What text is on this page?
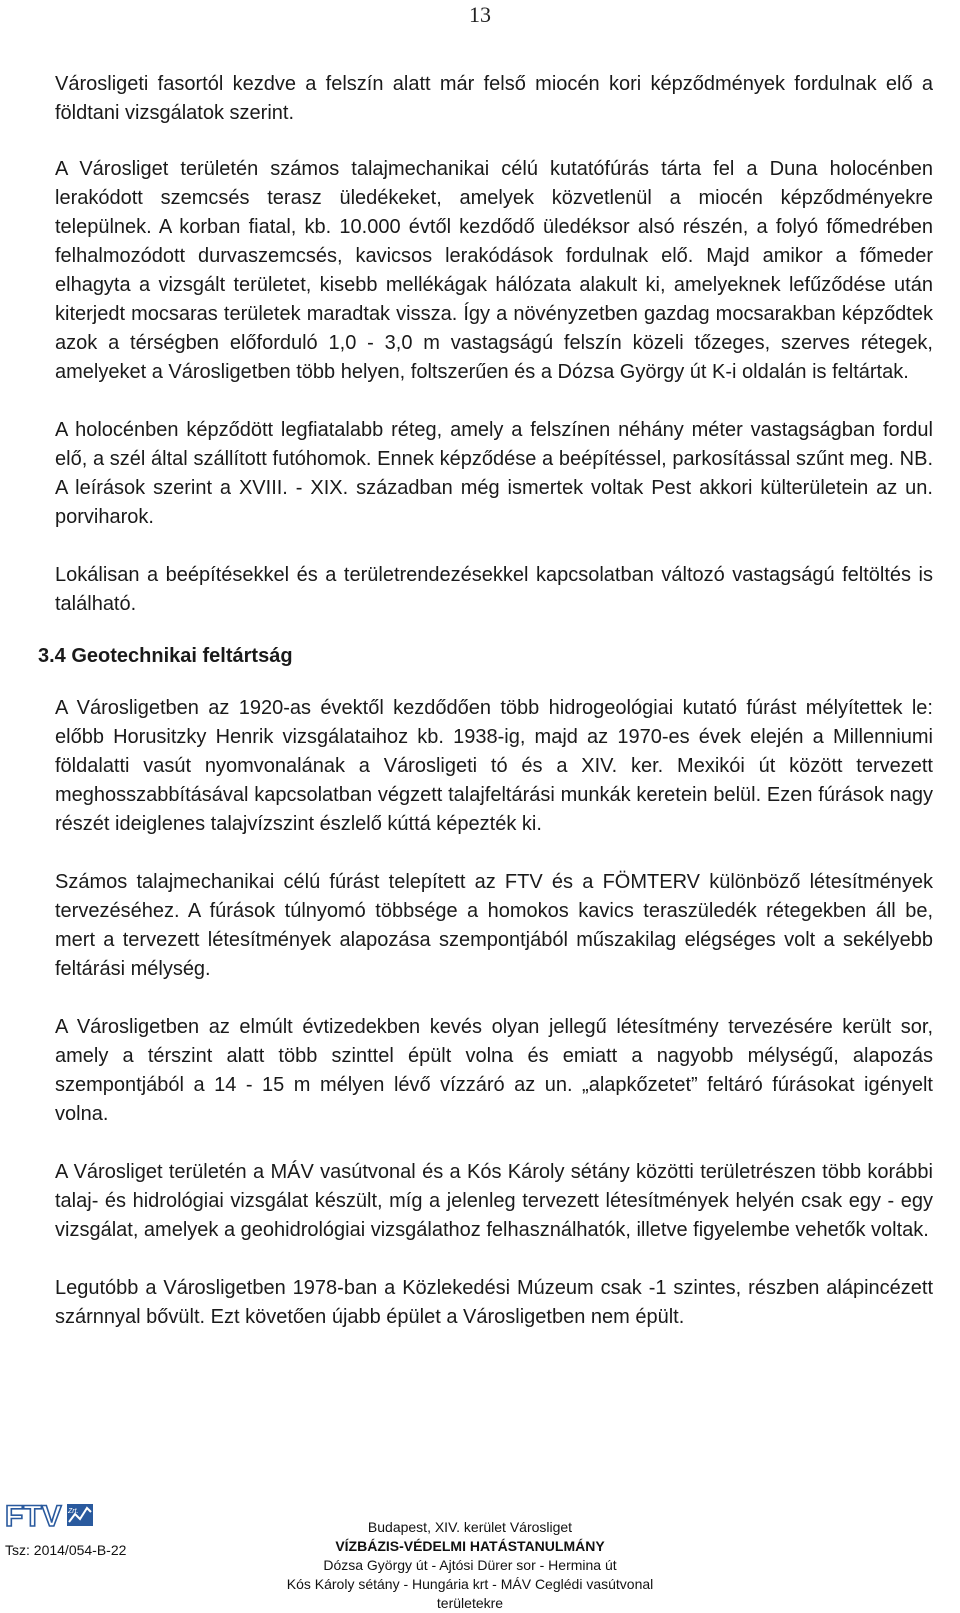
13

Városligeti fasortól kezdve a felszín alatt már felső miocén kori képződmények fordulnak elő a földtani vizsgálatok szerint.

A Városliget területén számos talajmechanikai célú kutatófúrás tárta fel a Duna holocénben lerakódott szemcsés terasz üledékeket, amelyek közvetlenül a miocén képződményekre települnek. A korban fiatal, kb. 10.000 évtől kezdődő üledéksor alsó részén, a folyó főmedrében felhalmozódott durvaszemcsés, kavicsos lerakódások fordulnak elő. Majd amikor a főmeder elhagyta a vizsgált területet, kisebb mellékágak hálózata alakult ki, amelyeknek lefűződése után kiterjedt mocsaras területek maradtak vissza. Így a növényzetben gazdag mocsarakban képződtek azok a térségben előforduló 1,0 - 3,0 m vastagságú felszín közeli tőzeges, szerves rétegek, amelyeket a Városligetben több helyen, foltszerűen és a Dózsa György út K-i oldalán is feltártak.

A holocénben képződött legfiatalabb réteg, amely a felszínen néhány méter vastagságban fordul elő, a szél által szállított futóhomok. Ennek képződése a beépítéssel, parkosítással szűnt meg. NB. A leírások szerint a XVIII. - XIX. században még ismertek voltak Pest akkori külterületein az un. porviharok.

Lokálisan a beépítésekkel és a területrendezésekkel kapcsolatban változó vastagságú feltöltés is található.

3.4 Geotechnikai feltártság

A Városligetben az 1920-as évektől kezdődően több hidrogeológiai kutató fúrást mélyítettek le: előbb Horusitzky Henrik vizsgálataihoz kb. 1938-ig, majd az 1970-es évek elején a Millenniumi földalatti vasút nyomvonalának a Városligeti tó és a XIV. ker. Mexikói út között tervezett meghosszabbításával kapcsolatban végzett talajfeltárási munkák keretein belül. Ezen fúrások nagy részét ideiglenes talajvízszint észlelő kúttá képezték ki.

Számos talajmechanikai célú fúrást telepített az FTV és a FÖMTERV különböző létesítmények tervezéséhez. A fúrások túlnyomó többsége a homokos kavics teraszüledék rétegekben áll be, mert a tervezett létesítmények alapozása szempontjából műszakilag elégséges volt a sekélyebb feltárási mélység.

A Városligetben az elmúlt évtizedekben kevés olyan jellegű létesítmény tervezésére került sor, amely a térszint alatt több szinttel épült volna és emiatt a nagyobb mélységű, alapozás szempontjából a 14 - 15 m mélyen lévő vízzáró az un. „alapkőzetet” feltáró fúrásokat igényelt volna.

A Városliget területén a MÁV vasútvonal és a Kós Károly sétány közötti területrészen több korábbi talaj- és hidrológiai vizsgálat készült, míg a jelenleg tervezett létesítmények helyén csak egy - egy vizsgálat, amelyek a geohidrológiai vizsgálathoz felhasználhatók, illetve figyelembe vehetők voltak.

Legutóbb a Városligetben 1978-ban a Közlekedési Múzeum csak -1 szintes, részben alápincézett szárnnyal bővült. Ezt követően újabb épület a Városligetben nem épült.

FTV Zrt.
Tsz: 2014/054-B-22
Budapest, XIV. kerület Városliget
VÍZBÁZIS-VÉDELMI HATÁSTANULMÁNY
Dózsa György út - Ajtósi Dürer sor - Hermina út
Kós Károly sétány - Hungária krt - MÁV Ceglédi vasútvonal
területekre
